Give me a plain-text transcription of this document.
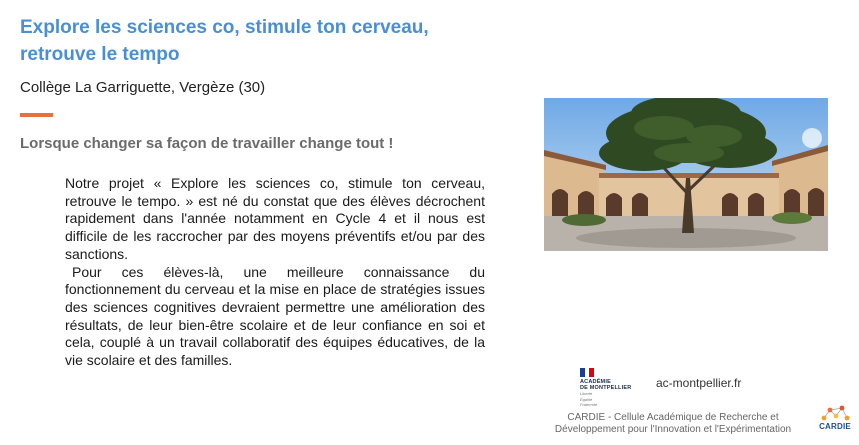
Explore les sciences co, stimule ton cerveau, retrouve le tempo
Collège La Garriguette, Vergèze (30)
Lorsque changer sa façon de travailler change tout !

Notre projet « Explore les sciences co, stimule ton cerveau, retrouve le tempo. » est né du constat que des élèves décrochent rapidement dans l'année notamment en Cycle 4 et il nous est difficile de les raccrocher par des moyens préventifs et/ou par des sanctions.

Pour ces élèves-là, une meilleure connaissance du fonctionnement du cerveau et la mise en place de stratégies issues des sciences cognitives devraient permettre une amélioration des résultats, de leur bien-être scolaire et de leur confiance en soi et cela, couplé à un travail collaboratif des équipes éducatives, de la vie scolaire et des familles.

ACADÉMIE
DE MONTPELLIER
Liberté
Égalité
Fraternité
ac-montpellier.fr
CARDIE - Cellule Académique de Recherche et Développement pour l'Innovation et l'Expérimentation	CARDIE
